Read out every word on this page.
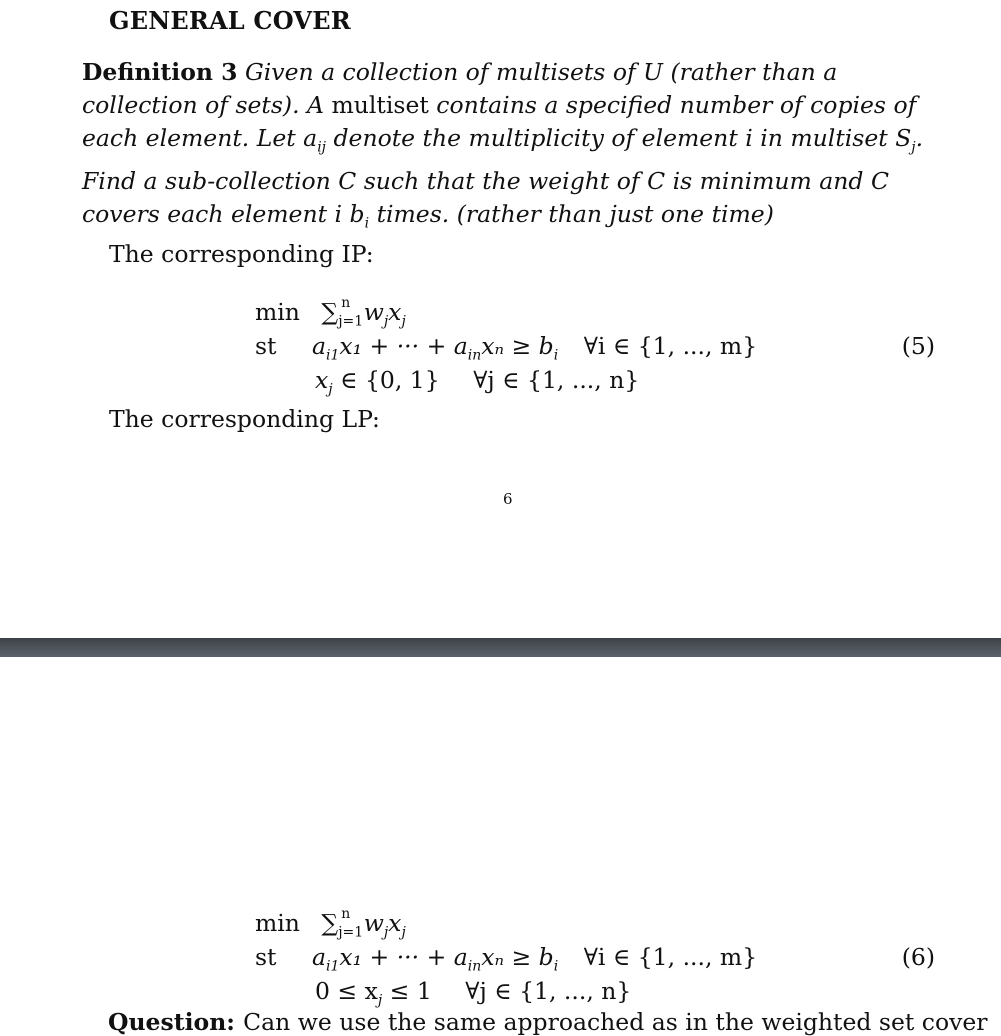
GENERAL COVER
Definition 3 Given a collection of multisets of U (rather than a collection of sets). A multiset contains a specified number of copies of each element. Let $a_{ij}$ denote the multiplicity of element i in multiset $S_j$. Find a sub-collection C such that the weight of C is minimum and C covers each element i $b_i$ times. (rather than just one time)
The corresponding IP:
$\min \sum_{j=1}^n$ $w_jx_j$
st $a_{i1}x_1$ + ··· + $a_{in}x_n \ge b_i$ ∀i ∈ {1, ..., m}
$x_j$ ∈ {0, 1} ∀j ∈ {1, ..., n}
(5)
The corresponding LP:
6
$\min \sum_{j=1}^n$ $w_jx_j$
st $a_{i1}x_1$ + ··· + $a_{in}x_n \ge b_i$ ∀i ∈ {1, ..., m}
$0 \le x_j \le 1$ ∀j ∈ {1, ..., n}
(6)
Question: Can we use the same approached as in the weighted set cover
